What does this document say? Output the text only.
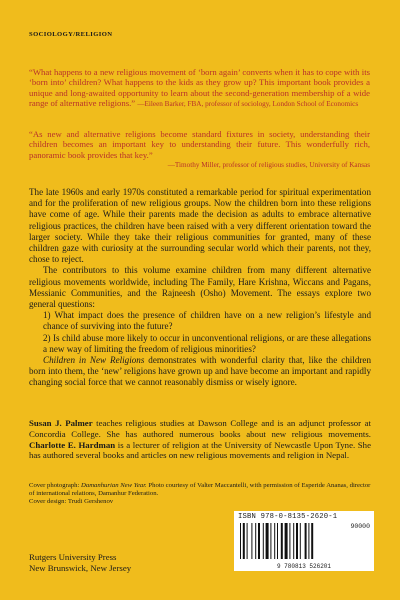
SOCIOLOGY/RELIGION
“What happens to a new religious movement of ‘born again’ converts when it has to cope with its ‘born into’ children? What happens to the kids as they grow up? This important book provides a unique and long-awaited opportunity to learn about the second-generation membership of a wide range of alternative religions.” —Eileen Barker, FBA, professor of sociology, London School of Economics
“As new and alternative religions become standard fixtures in society, understanding their children becomes an important key to understanding their future. This wonderfully rich, panoramic book provides that key.”
—Timothy Miller, professor of religious studies, University of Kansas

The late 1960s and early 1970s constituted a remarkable period for spiritual experimentation and for the proliferation of new religious groups. Now the children born into these religions have come of age. While their parents made the decision as adults to embrace alternative religious practices, the children have been raised with a very different orientation toward the larger society. While they take their religious communities for granted, many of these children gaze with curiosity at the surrounding secular world which their parents, not they, chose to reject.

The contributors to this volume examine children from many different alternative religious movements worldwide, including The Family, Hare Krishna, Wiccans and Pagans, Messianic Communities, and the Rajneesh (Osho) Movement. The essays explore two general questions:

1) What impact does the presence of children have on a new religion’s lifestyle and chance of surviving into the future?
2) Is child abuse more likely to occur in unconventional religions, or are these allegations a new way of limiting the freedom of religious minorities?

Children in New Religions demonstrates with wonderful clarity that, like the children born into them, the ‘new’ religions have grown up and have become an important and rapidly changing social force that we cannot reasonably dismiss or wisely ignore.

Susan J. Palmer teaches religious studies at Dawson College and is an adjunct professor at Concordia College. She has authored numerous books about new religious movements. Charlotte E. Hardman is a lecturer of religion at the University of Newcastle Upon Tyne. She has authored several books and articles on new religious movements and religion in Nepal.
Cover photograph: Damanhurian New Year. Photo courtesy of Valter Maccantelli, with permission of Esperide Ananas, director of international relations, Damanhur Federation.
Cover design: Trudi Gershenov
ISBN 978-0-8135-2620-1
90000
9 780813 526201
Rutgers University Press
New Brunswick, New Jersey
